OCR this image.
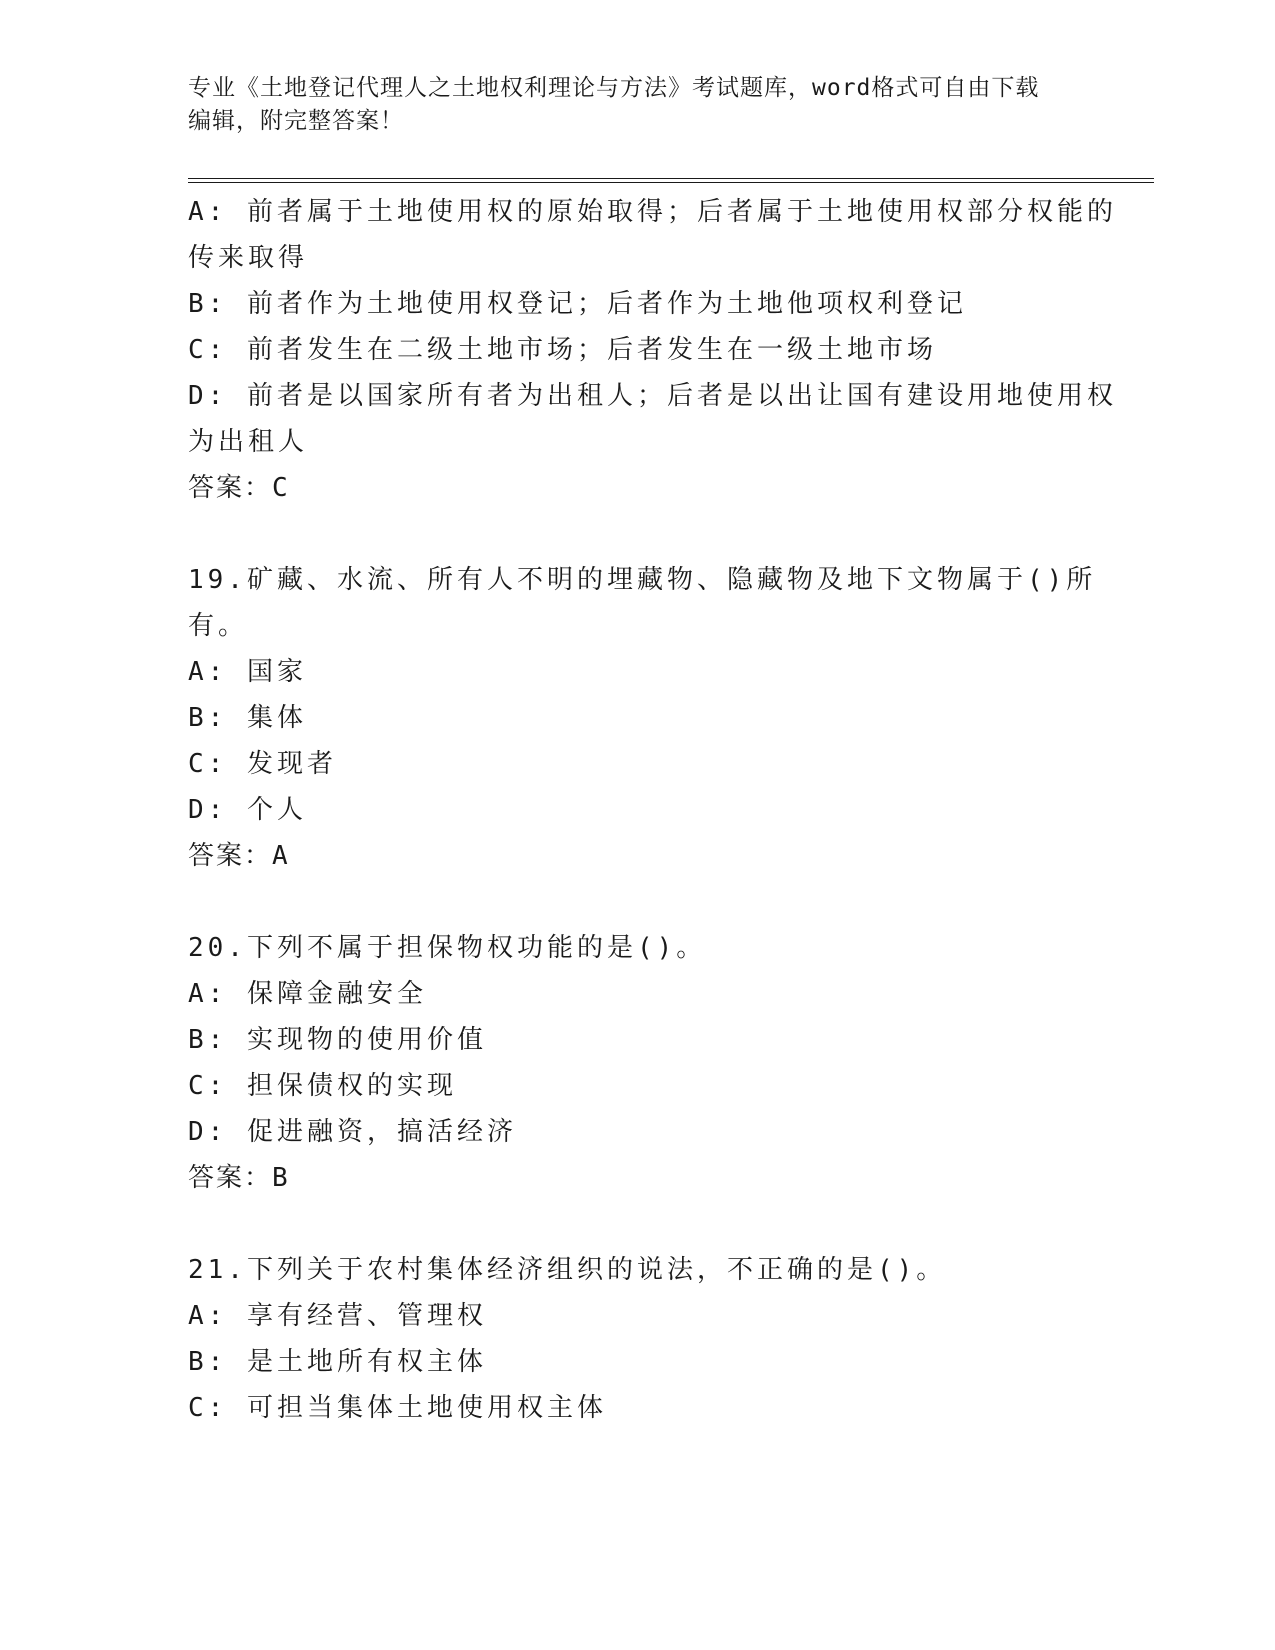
专业《土地登记代理人之土地权利理论与方法》考试题库，word格式可自由下载
编辑，附完整答案！
A: 前者属于土地使用权的原始取得；后者属于土地使用权部分权能的
传来取得
B: 前者作为土地使用权登记；后者作为土地他项权利登记
C: 前者发生在二级土地市场；后者发生在一级土地市场
D: 前者是以国家所有者为出租人；后者是以出让国有建设用地使用权
为出租人
答案：C
19.矿藏、水流、所有人不明的埋藏物、隐藏物及地下文物属于()所
有。
A: 国家
B: 集体
C: 发现者
D: 个人
答案：A
20.下列不属于担保物权功能的是()。
A: 保障金融安全
B: 实现物的使用价值
C: 担保债权的实现
D: 促进融资，搞活经济
答案：B
21.下列关于农村集体经济组织的说法，不正确的是()。
A: 享有经营、管理权
B: 是土地所有权主体
C: 可担当集体土地使用权主体
